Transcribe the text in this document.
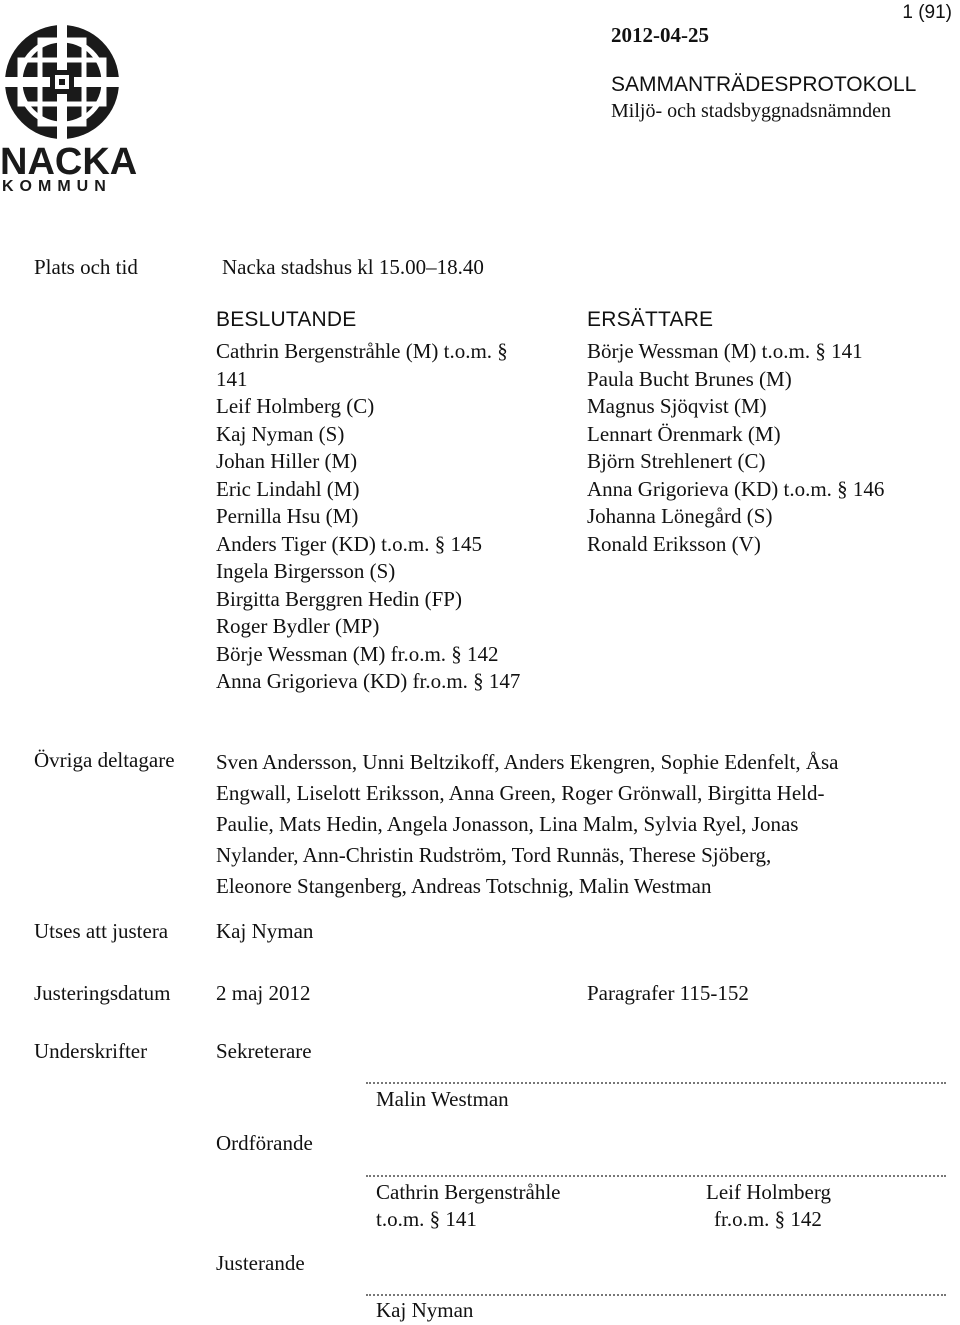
NACKA
KOMMUN
1 (91)
2012-04-25
SAMMANTRÄDESPROTOKOLL
Miljö- och stadsbyggnadsnämnden
Plats och tid	Nacka stadshus kl 15.00–18.40
BESLUTANDE
Cathrin Bergenstråhle (M) t.o.m. §
141
Leif Holmberg (C)
Kaj Nyman (S)
Johan Hiller (M)
Eric Lindahl (M)
Pernilla Hsu (M)
Anders Tiger (KD) t.o.m. § 145
Ingela Birgersson (S)
Birgitta Berggren Hedin (FP)
Roger Bydler (MP)
Börje Wessman (M) fr.o.m. § 142
Anna Grigorieva (KD) fr.o.m. § 147
ERSÄTTARE
Börje Wessman (M) t.o.m. § 141
Paula Bucht Brunes (M)
Magnus Sjöqvist (M)
Lennart Örenmark (M)
Björn Strehlenert (C)
Anna Grigorieva (KD) t.o.m. § 146
Johanna Lönegård (S)
Ronald Eriksson (V)
Övriga deltagare Sven Andersson, Unni Beltzikoff, Anders Ekengren, Sophie Edenfelt, Åsa
Engwall, Liselott Eriksson, Anna Green, Roger Grönwall, Birgitta Held-
Paulie, Mats Hedin, Angela Jonasson, Lina Malm, Sylvia Ryel, Jonas
Nylander, Ann-Christin Rudström, Tord Runnäs, Therese Sjöberg,
Eleonore Stangenberg, Andreas Totschnig, Malin Westman
Utses att justera Kaj Nyman
Justeringsdatum 2 maj 2012	Paragrafer 115-152
Underskrifter	Sekreterare
Malin Westman
Ordförande
Cathrin Bergenstråhle
t.o.m. § 141
Leif Holmberg
fr.o.m. § 142
Justerande
Kaj Nyman
